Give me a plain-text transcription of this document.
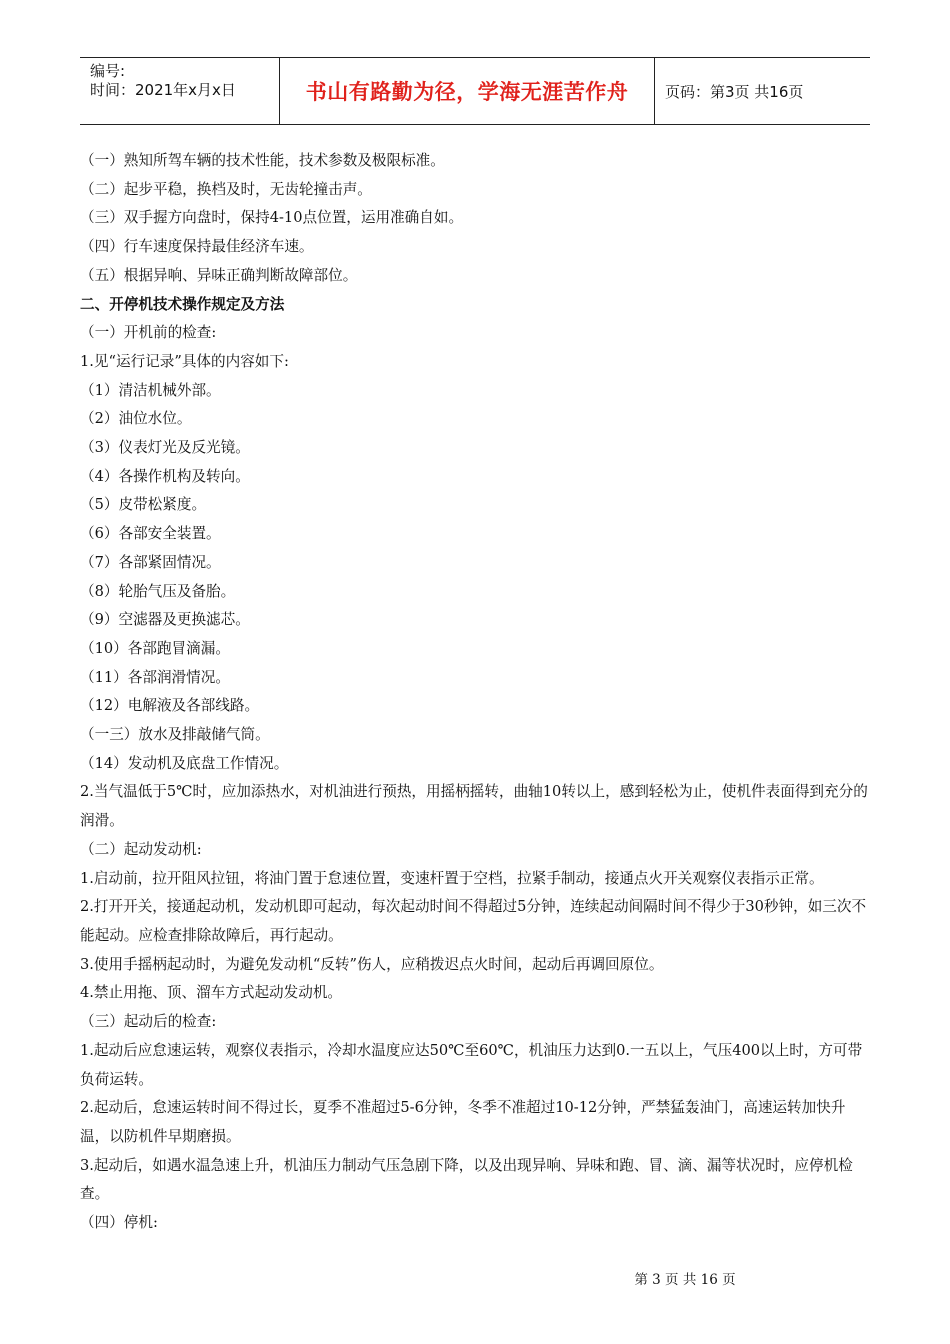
编号:
时间：2021年x月x日	书山有路勤为径，学海无涯苦作舟	页码：第3页 共16页

（一）熟知所驾车辆的技术性能，技术参数及极限标准。

（二）起步平稳，换档及时，无齿轮撞击声。

（三）双手握方向盘时，保持4-10点位置，运用准确自如。

（四）行车速度保持最佳经济车速。

（五）根据异响、异味正确判断故障部位。

二、开停机技术操作规定及方法

（一）开机前的检查:

1.见“运行记录”具体的内容如下:

（1）清洁机械外部。

（2）油位水位。

（3）仪表灯光及反光镜。

（4）各操作机构及转向。

（5）皮带松紧度。

（6）各部安全装置。

（7）各部紧固情况。

（8）轮胎气压及备胎。

（9）空滤器及更换滤芯。

（10）各部跑冒滴漏。

（11）各部润滑情况。

（12）电解液及各部线路。

（一三）放水及排敲储气筒。

（14）发动机及底盘工作情况。

2.当气温低于5℃时，应加添热水，对机油进行预热，用摇柄摇转，曲轴10转以上，感到轻松为止，使机件表面得到充分的润滑。

（二）起动发动机:

1.启动前，拉开阻风拉钮，将油门置于怠速位置，变速杆置于空档，拉紧手制动，接通点火开关观察仪表指示正常。

2.打开开关，接通起动机，发动机即可起动，每次起动时间不得超过5分钟，连续起动间隔时间不得少于30秒钟，如三次不能起动。应检查排除故障后，再行起动。

3.使用手摇柄起动时，为避免发动机“反转”伤人，应稍拨迟点火时间，起动后再调回原位。

4.禁止用拖、顶、溜车方式起动发动机。

（三）起动后的检查:

1.起动后应怠速运转，观察仪表指示，冷却水温度应达50℃至60℃，机油压力达到0.一五以上，气压400以上时，方可带负荷运转。

2.起动后，怠速运转时间不得过长，夏季不准超过5-6分钟，冬季不准超过10-12分钟，严禁猛轰油门，高速运转加快升温，以防机件早期磨损。

3.起动后，如遇水温急速上升，机油压力制动气压急剧下降，以及出现异响、异味和跑、冒、滴、漏等状况时，应停机检查。

（四）停机:

第 3 页 共 16 页
